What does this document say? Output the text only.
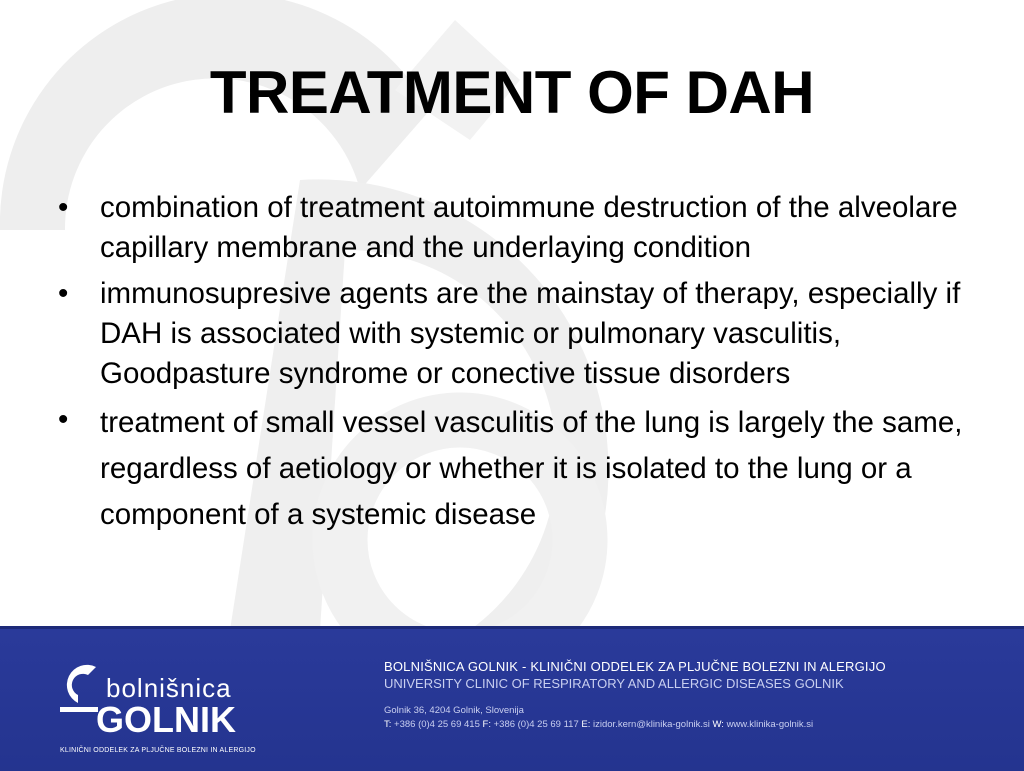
TREATMENT OF DAH
• combination of treatment autoimmune destruction of the alveolare capillary membrane and the underlaying condition
• immunosupresive agents are the mainstay of therapy, especially if DAH is associated with systemic or pulmonary vasculitis, Goodpasture syndrome or conective tissue disorders
• treatment of small vessel vasculitis of the lung is largely the same, regardless of aetiology or whether it is isolated to the lung or a component of a systemic disease
bolnišnica
GOLNIK
KLINIČNI ODDELEK ZA PLJUČNE BOLEZNI IN ALERGIJO
BOLNIŠNICA GOLNIK - KLINIČNI ODDELEK ZA PLJUČNE BOLEZNI IN ALERGIJO
UNIVERSITY CLINIC OF RESPIRATORY AND ALLERGIC DISEASES GOLNIK
Golnik 36, 4204 Golnik, Slovenija
T: +386 (0)4 25 69 415 F: +386 (0)4 25 69 117 E: izidor.kern@klinika-golnik.si W: www.klinika-golnik.si
